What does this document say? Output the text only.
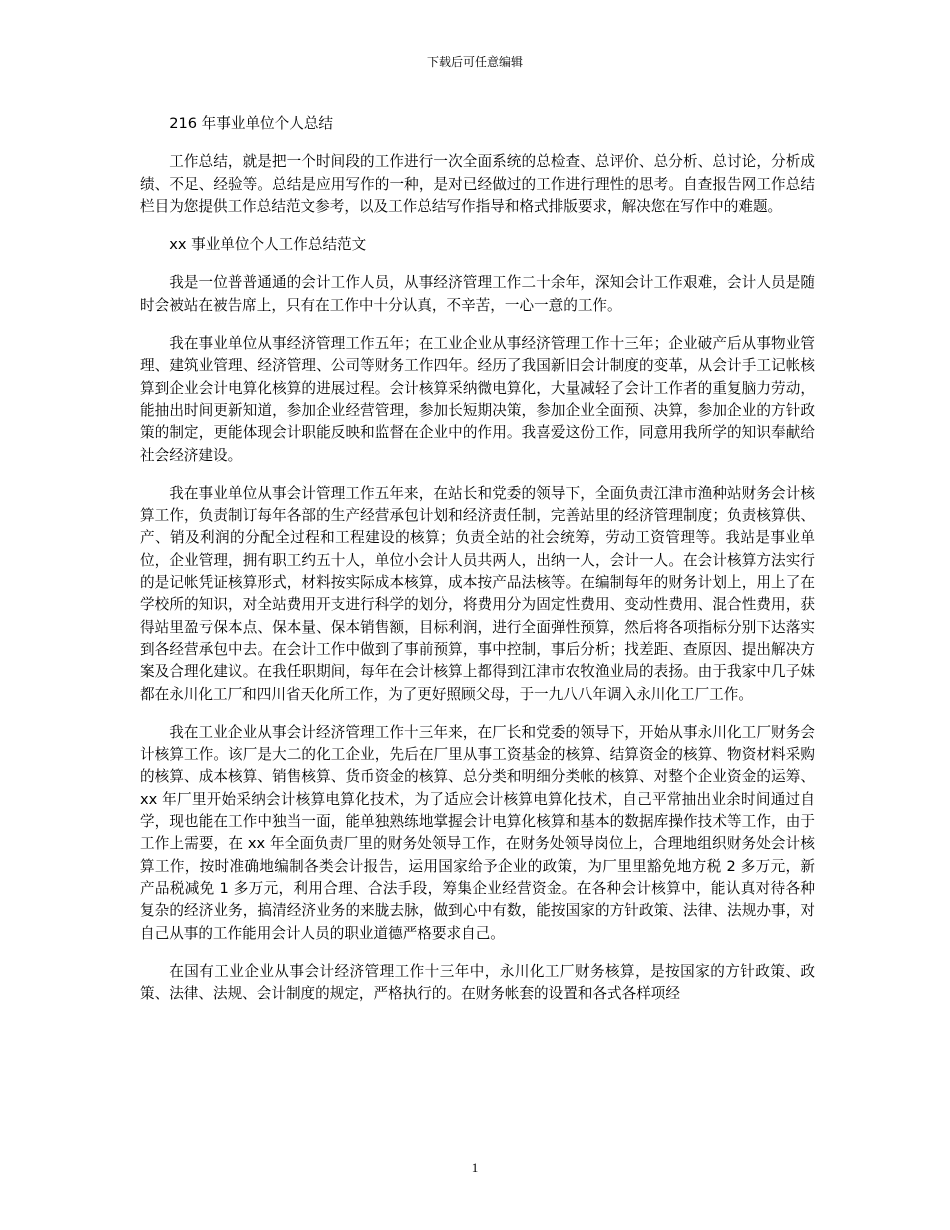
下载后可任意编辑

216 年事业单位个人总结

工作总结，就是把一个时间段的工作进行一次全面系统的总检查、总评价、总分析、总讨论，分析成绩、不足、经验等。总结是应用写作的一种，是对已经做过的工作进行理性的思考。自查报告网工作总结栏目为您提供工作总结范文参考，以及工作总结写作指导和格式排版要求，解决您在写作中的难题。

xx 事业单位个人工作总结范文

我是一位普普通通的会计工作人员，从事经济管理工作二十余年，深知会计工作艰难，会计人员是随时会被站在被告席上，只有在工作中十分认真，不辛苦，一心一意的工作。

我在事业单位从事经济管理工作五年；在工业企业从事经济管理工作十三年；企业破产后从事物业管理、建筑业管理、经济管理、公司等财务工作四年。经历了我国新旧会计制度的变革，从会计手工记帐核算到企业会计电算化核算的进展过程。会计核算采纳微电算化，大量减轻了会计工作者的重复脑力劳动，能抽出时间更新知道，参加企业经营管理，参加长短期决策，参加企业全面预、决算，参加企业的方针政策的制定，更能体现会计职能反映和监督在企业中的作用。我喜爱这份工作，同意用我所学的知识奉献给社会经济建设。

我在事业单位从事会计管理工作五年来，在站长和党委的领导下，全面负责江津市渔种站财务会计核算工作，负责制订每年各部的生产经营承包计划和经济责任制，完善站里的经济管理制度；负责核算供、产、销及利润的分配全过程和工程建设的核算；负责全站的社会统筹，劳动工资管理等。我站是事业单位，企业管理，拥有职工约五十人，单位小会计人员共两人，出纳一人，会计一人。在会计核算方法实行的是记帐凭证核算形式，材料按实际成本核算，成本按产品法核等。在编制每年的财务计划上，用上了在学校所的知识，对全站费用开支进行科学的划分，将费用分为固定性费用、变动性费用、混合性费用，获得站里盈亏保本点、保本量、保本销售额，目标利润，进行全面弹性预算，然后将各项指标分别下达落实到各经营承包中去。在会计工作中做到了事前预算，事中控制，事后分析；找差距、查原因、提出解决方案及合理化建议。在我任职期间，每年在会计核算上都得到江津市农牧渔业局的表扬。由于我家中几子妹都在永川化工厂和四川省天化所工作，为了更好照顾父母，于一九八八年调入永川化工厂工作。

我在工业企业从事会计经济管理工作十三年来，在厂长和党委的领导下，开始从事永川化工厂财务会计核算工作。该厂是大二的化工企业，先后在厂里从事工资基金的核算、结算资金的核算、物资材料采购的核算、成本核算、销售核算、货币资金的核算、总分类和明细分类帐的核算、对整个企业资金的运筹、xx 年厂里开始采纳会计核算电算化技术，为了适应会计核算电算化技术，自己平常抽出业余时间通过自学，现也能在工作中独当一面，能单独熟练地掌握会计电算化核算和基本的数据库操作技术等工作，由于工作上需要，在 xx 年全面负责厂里的财务处领导工作，在财务处领导岗位上，合理地组织财务处会计核算工作，按时准确地编制各类会计报告，运用国家给予企业的政策，为厂里里豁免地方税 2 多万元，新产品税减免 1 多万元，利用合理、合法手段，筹集企业经营资金。在各种会计核算中，能认真对待各种复杂的经济业务，搞清经济业务的来胧去脉，做到心中有数，能按国家的方针政策、法律、法规办事，对自己从事的工作能用会计人员的职业道德严格要求自己。

在国有工业企业从事会计经济管理工作十三年中，永川化工厂财务核算，是按国家的方针政策、政策、法律、法规、会计制度的规定，严格执行的。在财务帐套的设置和各式各样项经

1
